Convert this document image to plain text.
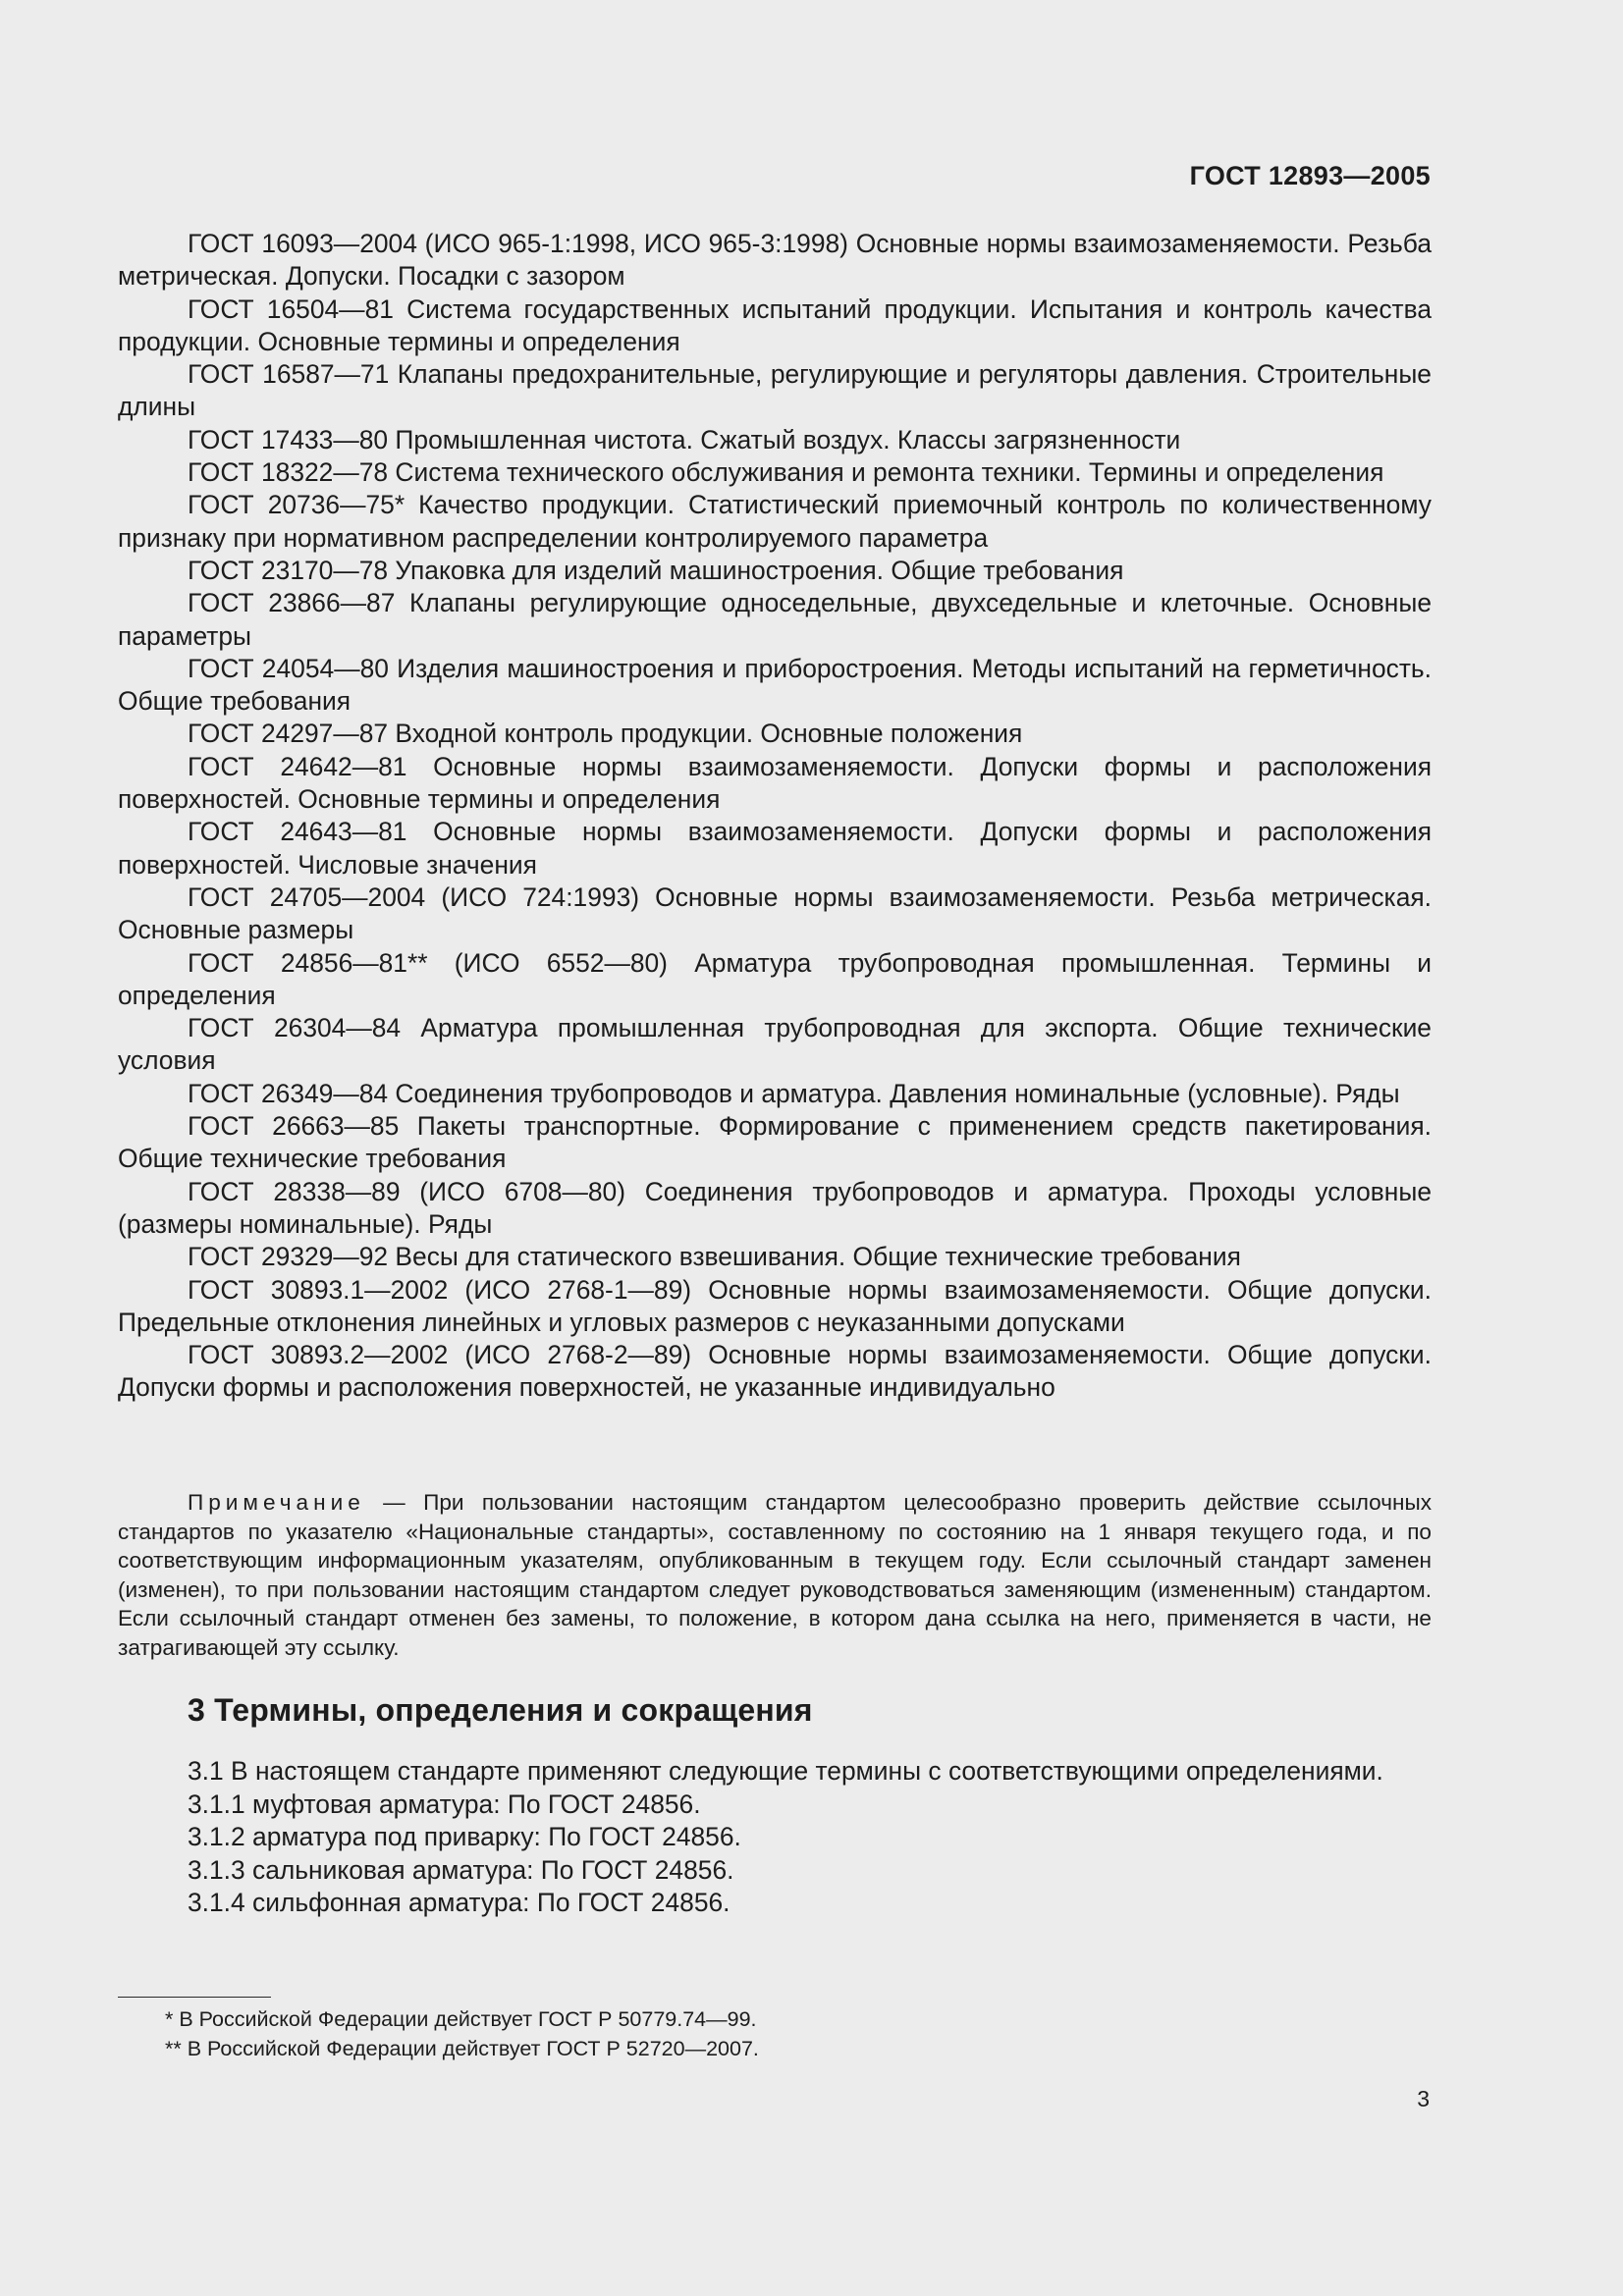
ГОСТ 12893—2005

ГОСТ 16093—2004 (ИСО 965-1:1998, ИСО 965-3:1998) Основные нормы взаимозаменяемости. Резьба метрическая. Допуски. Посадки с зазором

ГОСТ 16504—81 Система государственных испытаний продукции. Испытания и контроль качества продукции. Основные термины и определения

ГОСТ 16587—71 Клапаны предохранительные, регулирующие и регуляторы давления. Строительные длины

ГОСТ 17433—80 Промышленная чистота. Сжатый воздух. Классы загрязненности

ГОСТ 18322—78 Система технического обслуживания и ремонта техники. Термины и определения

ГОСТ 20736—75* Качество продукции. Статистический приемочный контроль по количественному признаку при нормативном распределении контролируемого параметра

ГОСТ 23170—78 Упаковка для изделий машиностроения. Общие требования

ГОСТ 23866—87 Клапаны регулирующие односедельные, двухседельные и клеточные. Основные параметры

ГОСТ 24054—80 Изделия машиностроения и приборостроения. Методы испытаний на герметичность. Общие требования

ГОСТ 24297—87 Входной контроль продукции. Основные положения

ГОСТ 24642—81 Основные нормы взаимозаменяемости. Допуски формы и расположения поверхностей. Основные термины и определения

ГОСТ 24643—81 Основные нормы взаимозаменяемости. Допуски формы и расположения поверхностей. Числовые значения

ГОСТ 24705—2004 (ИСО 724:1993) Основные нормы взаимозаменяемости. Резьба метрическая. Основные размеры

ГОСТ 24856—81** (ИСО 6552—80) Арматура трубопроводная промышленная. Термины и определения

ГОСТ 26304—84 Арматура промышленная трубопроводная для экспорта. Общие технические условия

ГОСТ 26349—84 Соединения трубопроводов и арматура. Давления номинальные (условные). Ряды

ГОСТ 26663—85 Пакеты транспортные. Формирование с применением средств пакетирования. Общие технические требования

ГОСТ 28338—89 (ИСО 6708—80) Соединения трубопроводов и арматура. Проходы условные (размеры номинальные). Ряды

ГОСТ 29329—92 Весы для статического взвешивания. Общие технические требования

ГОСТ 30893.1—2002 (ИСО 2768-1—89) Основные нормы взаимозаменяемости. Общие допуски. Предельные отклонения линейных и угловых размеров с неуказанными допусками

ГОСТ 30893.2—2002 (ИСО 2768-2—89) Основные нормы взаимозаменяемости. Общие допуски. Допуски формы и расположения поверхностей, не указанные индивидуально

Примечание — При пользовании настоящим стандартом целесообразно проверить действие ссылочных стандартов по указателю «Национальные стандарты», составленному по состоянию на 1 января текущего года, и по соответствующим информационным указателям, опубликованным в текущем году. Если ссылочный стандарт заменен (изменен), то при пользовании настоящим стандартом следует руководствоваться заменяющим (измененным) стандартом. Если ссылочный стандарт отменен без замены, то положение, в котором дана ссылка на него, применяется в части, не затрагивающей эту ссылку.

3 Термины, определения и сокращения

3.1 В настоящем стандарте применяют следующие термины с соответствующими определениями.

3.1.1 муфтовая арматура: По ГОСТ 24856.

3.1.2 арматура под приварку: По ГОСТ 24856.

3.1.3 сальниковая арматура: По ГОСТ 24856.

3.1.4 сильфонная арматура: По ГОСТ 24856.

* В Российской Федерации действует ГОСТ Р 50779.74—99.

** В Российской Федерации действует ГОСТ Р 52720—2007.

3
